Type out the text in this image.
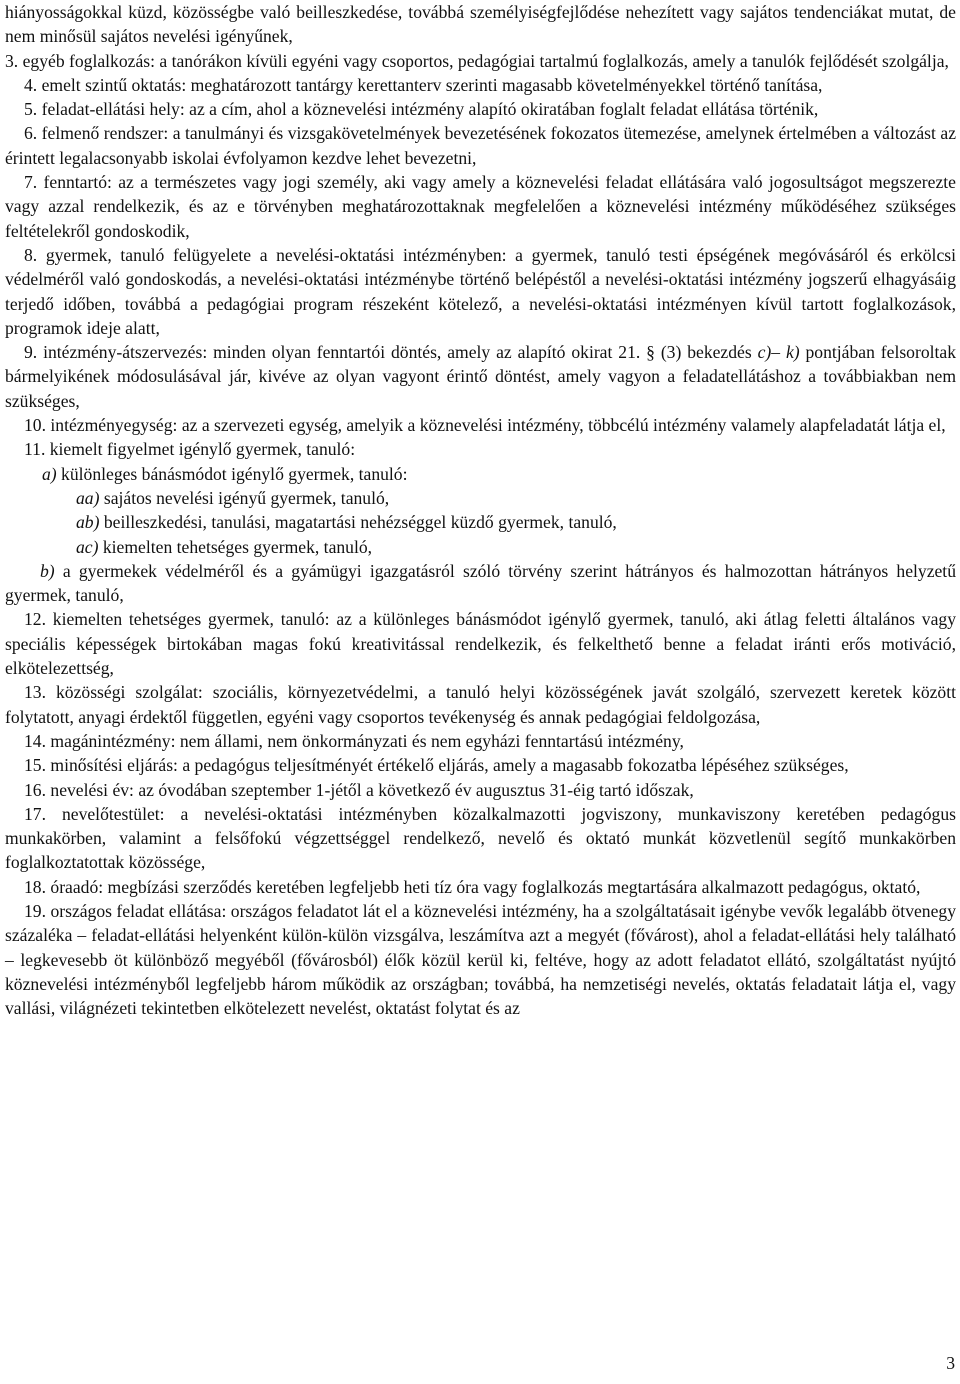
hiányosságokkal küzd, közösségbe való beilleszkedése, továbbá személyiségfejlődése nehezített vagy sajátos tendenciákat mutat, de nem minősül sajátos nevelési igényűnek,

3. egyéb foglalkozás: a tanórákon kívüli egyéni vagy csoportos, pedagógiai tartalmú foglalkozás, amely a tanulók fejlődését szolgálja,

4. emelt szintű oktatás: meghatározott tantárgy kerettanterv szerinti magasabb követelményekkel történő tanítása,

5. feladat-ellátási hely: az a cím, ahol a köznevelési intézmény alapító okiratában foglalt feladat ellátása történik,

6. felmenő rendszer: a tanulmányi és vizsgakövetelmények bevezetésének fokozatos ütemezése, amelynek értelmében a változást az érintett legalacsonyabb iskolai évfolyamon kezdve lehet bevezetni,

7. fenntartó: az a természetes vagy jogi személy, aki vagy amely a köznevelési feladat ellátására való jogosultságot megszerezte vagy azzal rendelkezik, és az e törvényben meghatározottaknak megfelelően a köznevelési intézmény működéséhez szükséges feltételekről gondoskodik,

8. gyermek, tanuló felügyelete a nevelési-oktatási intézményben: a gyermek, tanuló testi épségének megóvásáról és erkölcsi védelméről való gondoskodás, a nevelési-oktatási intézménybe történő belépéstől a nevelési-oktatási intézmény jogszerű elhagyásáig terjedő időben, továbbá a pedagógiai program részeként kötelező, a nevelési-oktatási intézményen kívül tartott foglalkozások, programok ideje alatt,

9. intézmény-átszervezés: minden olyan fenntartói döntés, amely az alapító okirat 21. § (3) bekezdés c)– k) pontjában felsoroltak bármelyikének módosulásával jár, kivéve az olyan vagyont érintő döntést, amely vagyon a feladatellátáshoz a továbbiakban nem szükséges,

10. intézményegység: az a szervezeti egység, amelyik a köznevelési intézmény, többcélú intézmény valamely alapfeladatát látja el,

11. kiemelt figyelmet igénylő gyermek, tanuló:

a) különleges bánásmódot igénylő gyermek, tanuló:

aa) sajátos nevelési igényű gyermek, tanuló,

ab) beilleszkedési, tanulási, magatartási nehézséggel küzdő gyermek, tanuló,

ac) kiemelten tehetséges gyermek, tanuló,

b) a gyermekek védelméről és a gyámügyi igazgatásról szóló törvény szerint hátrányos és halmozottan hátrányos helyzetű gyermek, tanuló,

12. kiemelten tehetséges gyermek, tanuló: az a különleges bánásmódot igénylő gyermek, tanuló, aki átlag feletti általános vagy speciális képességek birtokában magas fokú kreativitással rendelkezik, és felkelthető benne a feladat iránti erős motiváció, elkötelezettség,

13. közösségi szolgálat: szociális, környezetvédelmi, a tanuló helyi közösségének javát szolgáló, szervezett keretek között folytatott, anyagi érdektől független, egyéni vagy csoportos tevékenység és annak pedagógiai feldolgozása,

14. magánintézmény: nem állami, nem önkormányzati és nem egyházi fenntartású intézmény,

15. minősítési eljárás: a pedagógus teljesítményét értékelő eljárás, amely a magasabb fokozatba lépéséhez szükséges,

16. nevelési év: az óvodában szeptember 1-jétől a következő év augusztus 31-éig tartó időszak,

17. nevelőtestület: a nevelési-oktatási intézményben közalkalmazotti jogviszony, munkaviszony keretében pedagógus munkakörben, valamint a felsőfokú végzettséggel rendelkező, nevelő és oktató munkát közvetlenül segítő munkakörben foglalkoztatottak közössége,

18. óraadó: megbízási szerződés keretében legfeljebb heti tíz óra vagy foglalkozás megtartására alkalmazott pedagógus, oktató,

19. országos feladat ellátása: országos feladatot lát el a köznevelési intézmény, ha a szolgáltatásait igénybe vevők legalább ötvenegy százaléka – feladat-ellátási helyenként külön-külön vizsgálva, leszámítva azt a megyét (fővárost), ahol a feladat-ellátási hely található – legkevesebb öt különböző megyéből (fővárosból) élők közül kerül ki, feltéve, hogy az adott feladatot ellátó, szolgáltatást nyújtó köznevelési intézményből legfeljebb három működik az országban; továbbá, ha nemzetiségi nevelés, oktatás feladatait látja el, vagy vallási, világnézeti tekintetben elkötelezett nevelést, oktatást folytat és az

3
